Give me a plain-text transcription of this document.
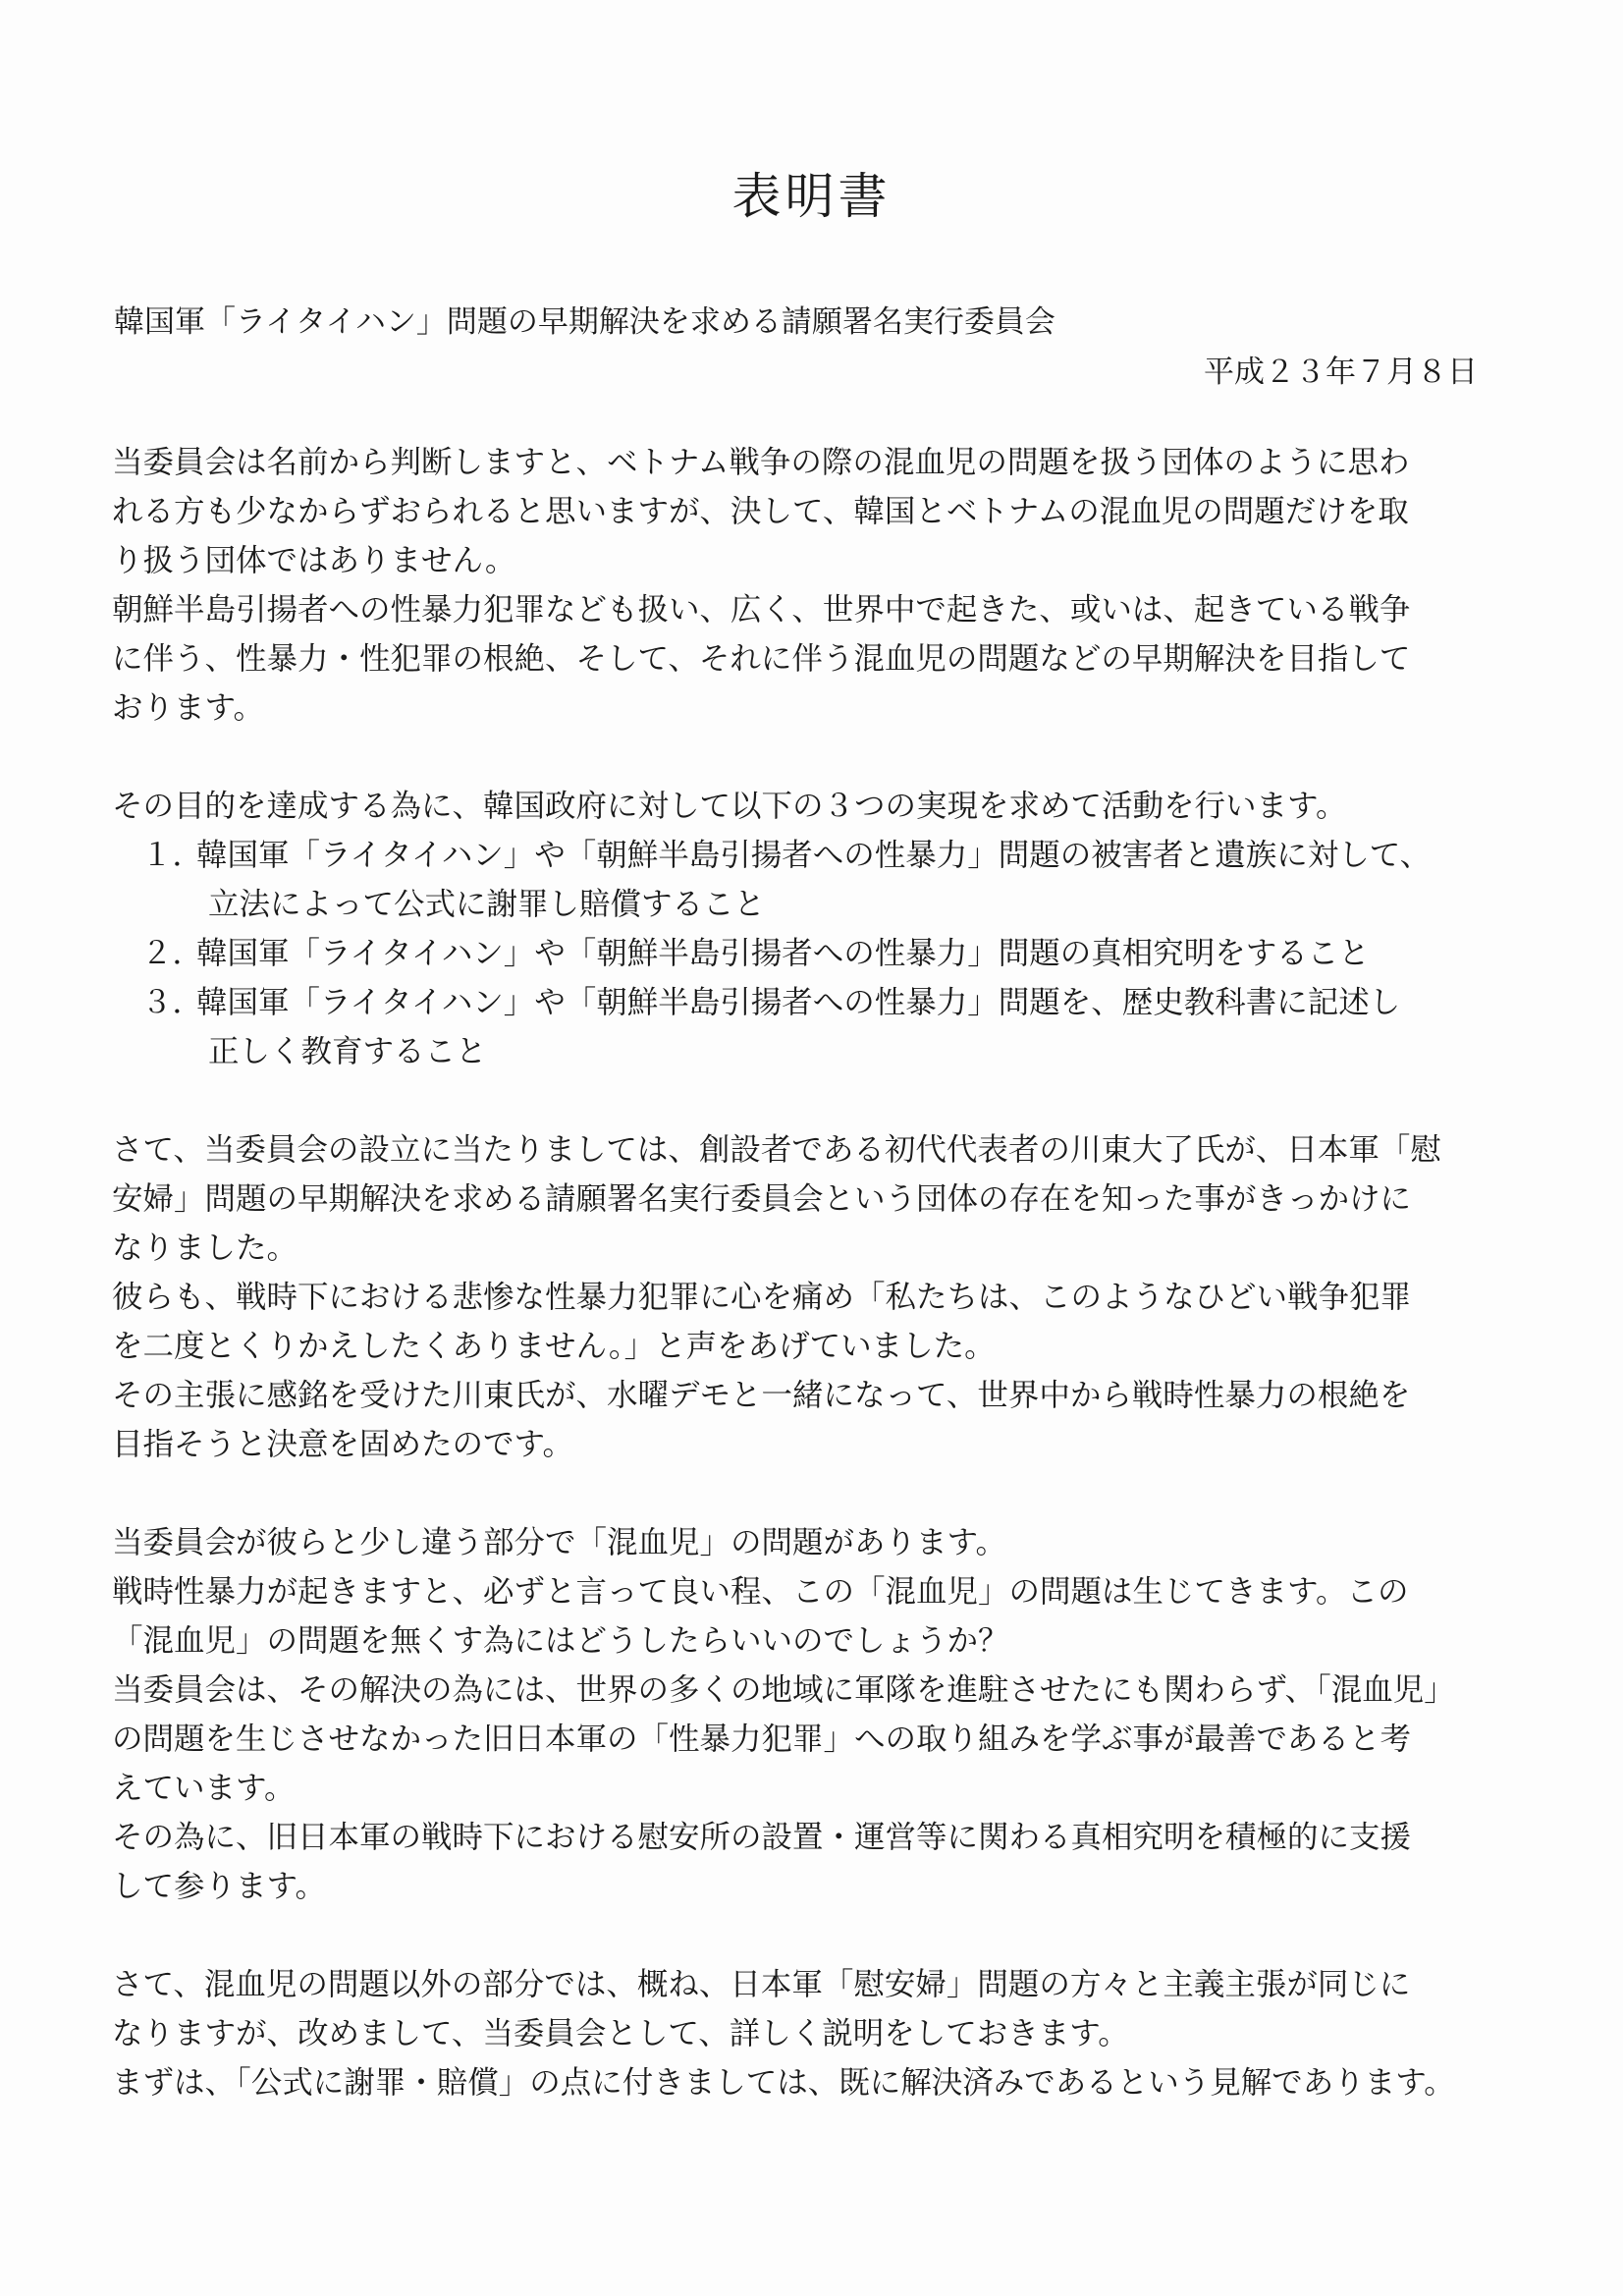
表明書
韓国軍「ライタイハン」問題の早期解決を求める請願署名実行委員会
平成２３年７月８日

当委員会は名前から判断しますと、ベトナム戦争の際の混血児の問題を扱う団体のように思わ

れる方も少なからずおられると思いますが、決して、韓国とベトナムの混血児の問題だけを取

り扱う団体ではありません。

朝鮮半島引揚者への性暴力犯罪なども扱い、広く、世界中で起きた、或いは、起きている戦争

に伴う、性暴力・性犯罪の根絶、そして、それに伴う混血児の問題などの早期解決を目指して

おります。

その目的を達成する為に、韓国政府に対して以下の３つの実現を求めて活動を行います。

１．韓国軍「ライタイハン」や「朝鮮半島引揚者への性暴力」問題の被害者と遺族に対して、

立法によって公式に謝罪し賠償すること

２．韓国軍「ライタイハン」や「朝鮮半島引揚者への性暴力」問題の真相究明をすること

３．韓国軍「ライタイハン」や「朝鮮半島引揚者への性暴力」問題を、歴史教科書に記述し

正しく教育すること

さて、当委員会の設立に当たりましては、創設者である初代代表者の川東大了氏が、日本軍「慰

安婦」問題の早期解決を求める請願署名実行委員会という団体の存在を知った事がきっかけに

なりました。

彼らも、戦時下における悲惨な性暴力犯罪に心を痛め「私たちは、このようなひどい戦争犯罪

を二度とくりかえしたくありません。」と声をあげていました。

その主張に感銘を受けた川東氏が、水曜デモと一緒になって、世界中から戦時性暴力の根絶を

目指そうと決意を固めたのです。

当委員会が彼らと少し違う部分で「混血児」の問題があります。

戦時性暴力が起きますと、必ずと言って良い程、この「混血児」の問題は生じてきます。この

「混血児」の問題を無くす為にはどうしたらいいのでしょうか？

当委員会は、その解決の為には、世界の多くの地域に軍隊を進駐させたにも関わらず、「混血児」

の問題を生じさせなかった旧日本軍の「性暴力犯罪」への取り組みを学ぶ事が最善であると考

えています。

その為に、旧日本軍の戦時下における慰安所の設置・運営等に関わる真相究明を積極的に支援

して参ります。

さて、混血児の問題以外の部分では、概ね、日本軍「慰安婦」問題の方々と主義主張が同じに

なりますが、改めまして、当委員会として、詳しく説明をしておきます。

まずは、「公式に謝罪・賠償」の点に付きましては、既に解決済みであるという見解であります。
